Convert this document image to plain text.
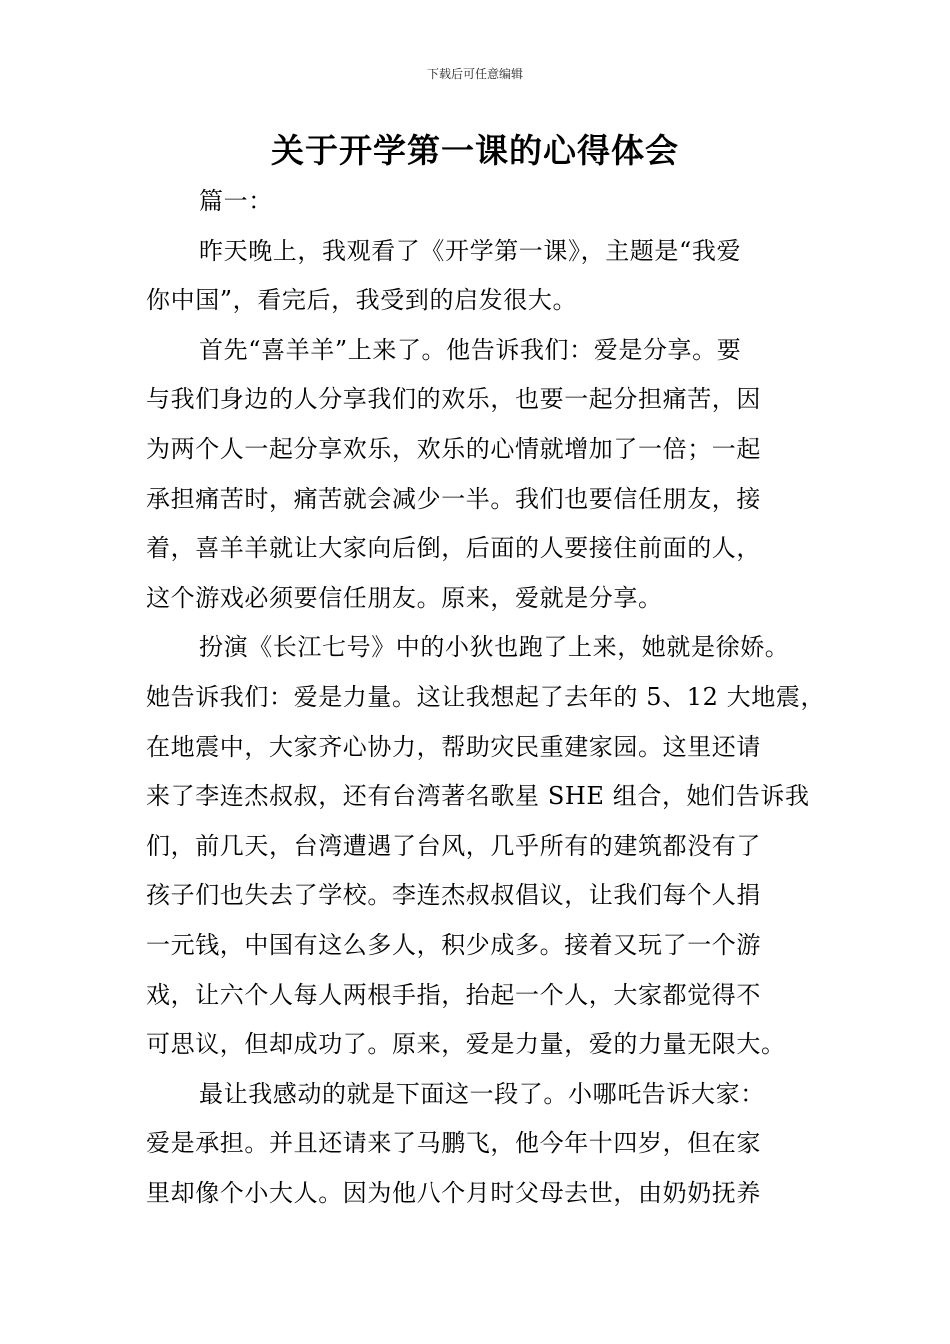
下载后可任意编辑
关于开学第一课的心得体会
篇一：
昨天晚上，我观看了《开学第一课》，主题是“我爱
你中国”，看完后，我受到的启发很大。
首先“喜羊羊”上来了。他告诉我们：爱是分享。要
与我们身边的人分享我们的欢乐，也要一起分担痛苦，因
为两个人一起分享欢乐，欢乐的心情就增加了一倍；一起
承担痛苦时，痛苦就会减少一半。我们也要信任朋友，接
着，喜羊羊就让大家向后倒，后面的人要接住前面的人，
这个游戏必须要信任朋友。原来，爱就是分享。
扮演《长江七号》中的小狄也跑了上来，她就是徐娇。
她告诉我们：爱是力量。这让我想起了去年的 5、12 大地震，
在地震中，大家齐心协力，帮助灾民重建家园。这里还请
来了李连杰叔叔，还有台湾著名歌星 SHE 组合，她们告诉我
们，前几天，台湾遭遇了台风，几乎所有的建筑都没有了
孩子们也失去了学校。李连杰叔叔倡议，让我们每个人捐
一元钱，中国有这么多人，积少成多。接着又玩了一个游
戏，让六个人每人两根手指，抬起一个人，大家都觉得不
可思议，但却成功了。原来，爱是力量，爱的力量无限大。
最让我感动的就是下面这一段了。小哪吒告诉大家：
爱是承担。并且还请来了马鹏飞，他今年十四岁，但在家
里却像个小大人。因为他八个月时父母去世，由奶奶抚养
